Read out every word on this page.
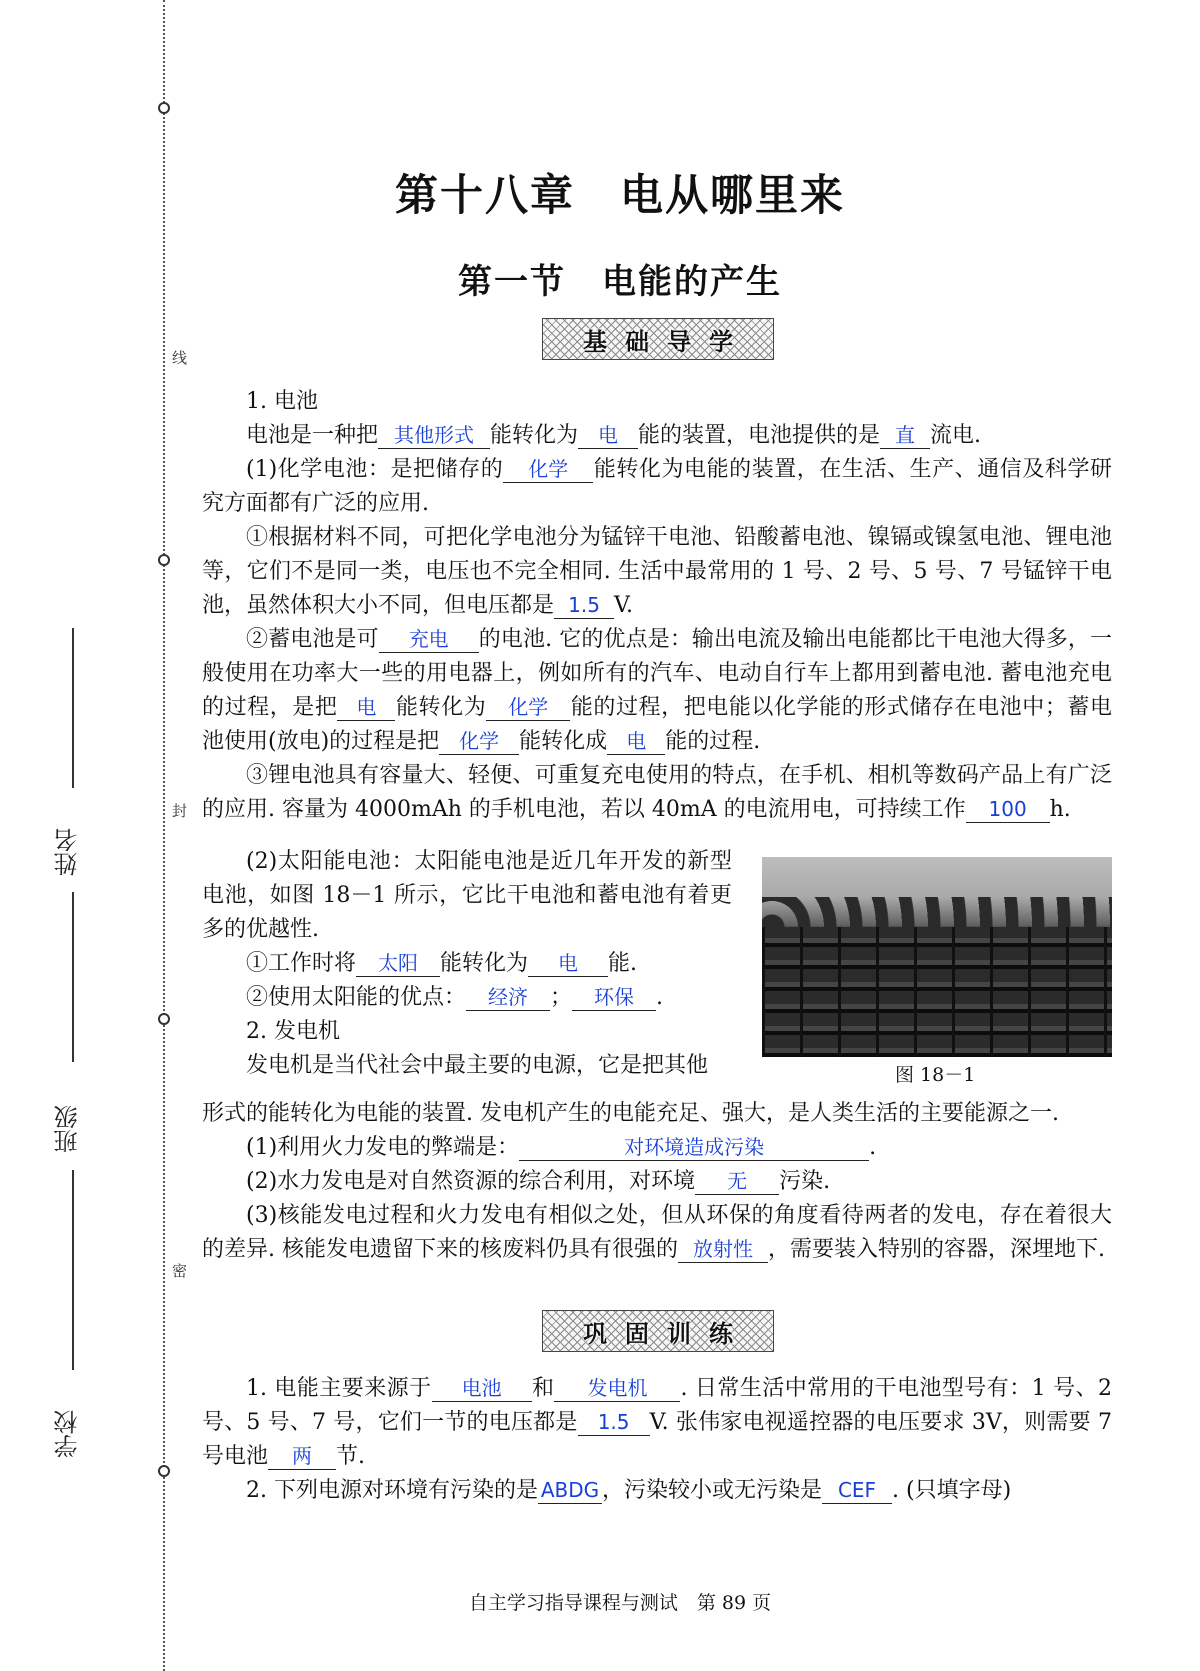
线
封
密
姓名
班级
学校
第十八章　电从哪里来
第一节　电能的产生
基础导学

1. 电池

电池是一种把 其他形式 能转化为 电 能的装置，电池提供的是 直 流电.

(1)化学电池：是把储存的 化学 能转化为电能的装置，在生活、生产、通信及科学研究方面都有广泛的应用.

①根据材料不同，可把化学电池分为锰锌干电池、铅酸蓄电池、镍镉或镍氢电池、锂电池等，它们不是同一类，电压也不完全相同. 生活中最常用的 1 号、2 号、5 号、7 号锰锌干电池，虽然体积大小不同，但电压都是 1.5 V.

②蓄电池是可 充电 的电池. 它的优点是：输出电流及输出电能都比干电池大得多，一般使用在功率大一些的用电器上，例如所有的汽车、电动自行车上都用到蓄电池. 蓄电池充电的过程，是把 电 能转化为 化学 能的过程，把电能以化学能的形式储存在电池中；蓄电池使用(放电)的过程是把 化学 能转化成 电 能的过程.

③锂电池具有容量大、轻便、可重复充电使用的特点，在手机、相机等数码产品上有广泛的应用. 容量为 4000mAh 的手机电池，若以 40mA 的电流用电，可持续工作 100 h.

(2)太阳能电池：太阳能电池是近几年开发的新型电池，如图 18－1 所示，它比干电池和蓄电池有着更多的优越性.

①工作时将 太阳 能转化为 电 能.

②使用太阳能的优点： 经济 ； 环保 .

2. 发电机

发电机是当代社会中最主要的电源，它是把其他	图 18－1

形式的能转化为电能的装置. 发电机产生的电能充足、强大，是人类生活的主要能源之一.

(1)利用火力发电的弊端是：	对环境造成污染	.

(2)水力发电是对自然资源的综合利用，对环境 无 污染.

(3)核能发电过程和火力发电有相似之处，但从环保的角度看待两者的发电，存在着很大的差异. 核能发电遗留下来的核废料仍具有很强的 放射性 ，需要装入特别的容器，深埋地下.

巩固训练

1. 电能主要来源于 电池 和 发电机 . 日常生活中常用的干电池型号有：1 号、2 号、5 号、7 号，它们一节的电压都是 1.5 V. 张伟家电视遥控器的电压要求 3V，则需要 7 号电池 两 节.

2. 下列电源对环境有污染的是 ABDG ，污染较小或无污染是 CEF . (只填字母)

自主学习指导课程与测试　第 89 页
